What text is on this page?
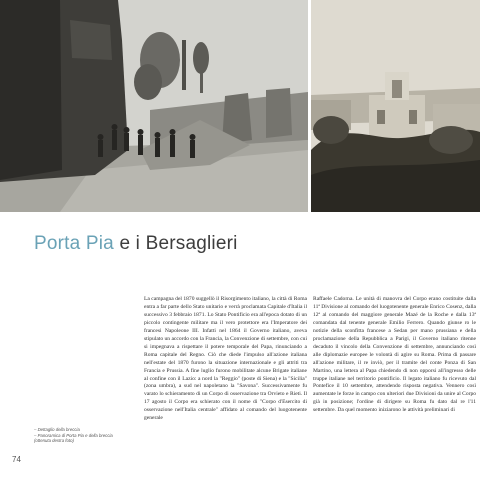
Porta Pia e i Bersaglieri
– Dettaglio della breccia
– Panoramica di Porta Pia e della breccia
(ottenuta destra foto)
La campagna del 1870 suggellò il Risorgimento italiano, la città di Roma entra a far parte dello Stato unitario e verrà proclamata Capitale d'Italia il successivo 3 febbraio 1871. Lo Stato Pontificio era all'epoca dotato di un piccolo contingente militare ma il vero protettore era l'Imperatore dei francesi Napoleone III. Infatti nel 1864 il Governo italiano, aveva stipulato un accordo con la Francia, la Convenzione di settembre, con cui si impegnava a rispettare il potere temporale del Papa, rinunciando a Roma capitale del Regno. Ciò che diede l'impulso all'azione italiana nell'estate del 1870 furono la situazione internazionale e gli attriti tra Francia e Prussia. A fine luglio furono mobilitate alcune Brigate italiane al confine con il Lazio: a nord la "Reggio" (poste di Siena) e la "Sicilia" (zona umbra), a sud nel napoletano la "Savona". Successivamente fu varato lo schieramento di un Corpo di osservazione tra Orvieto e Rieti. Il 17 agosto il Corpo era schierato con il nome di "Corpo d'Esercito di osservazione nell'Italia centrale" affidato al comando del luogotenente generale
Raffaele Cadorna. Le unità di manovra del Corpo erano costituite dalla 11ª Divisione al comando del luogotenente generale Enrico Cosenz, dalla 12ª al comando del maggiore generale Mazé de la Roche e dalla 13ª comandata dal tenente generale Emilio Ferrero. Quando giunse ro le notizie della sconfitta francese a Sedan per mano prussiana e della proclamazione della Repubblica a Parigi, il Governo italiano ritenne decaduto il vincolo della Convenzione di settembre, annunciando così alle diplomazie europee le volontà di agire su Roma. Prima di passare all'azione militare, il re inviò, per il tramite del conte Ponza di San Martino, una lettera al Papa chiedendo di non opporsi all'ingresso delle truppe italiane nel territorio pontificio. Il legato italiano fu ricevuto dal Pontefice il 10 settembre, attendendo risposta negativa. Vennero così aumentate le forze in campo con ulteriori due Divisioni da unire al Corpo già in posizione; l'ordine di dirigere su Roma fu dato dal re l'11 settembre. Da quel momento iniziarono le attività preliminari di
74
